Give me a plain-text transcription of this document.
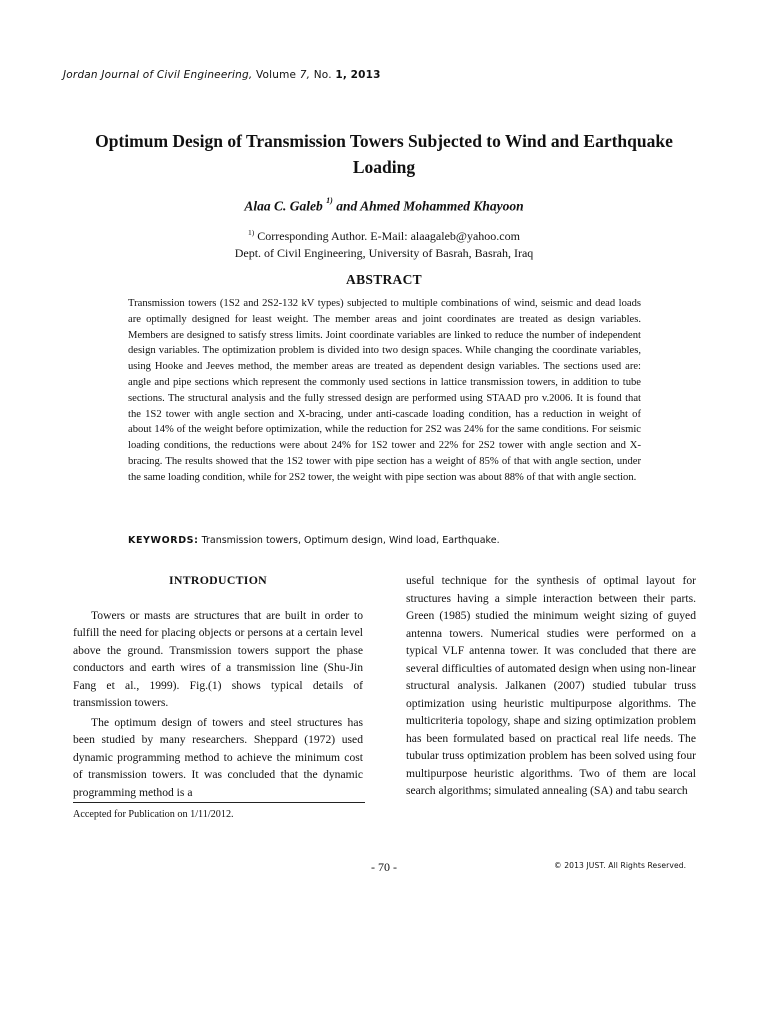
Jordan Journal of Civil Engineering, Volume 7, No. 1, 2013
Optimum Design of Transmission Towers Subjected to Wind and Earthquake Loading
Alaa C. Galeb $^{1)}$ and Ahmed Mohammed Khayoon
$^{1)}$ Corresponding Author. E-Mail: alaagaleb@yahoo.com
Dept. of Civil Engineering, University of Basrah, Basrah, Iraq
ABSTRACT
Transmission towers (1S2 and 2S2-132 kV types) subjected to multiple combinations of wind, seismic and dead loads are optimally designed for least weight. The member areas and joint coordinates are treated as design variables. Members are designed to satisfy stress limits. Joint coordinate variables are linked to reduce the number of independent design variables. The optimization problem is divided into two design spaces. While changing the coordinate variables, using Hooke and Jeeves method, the member areas are treated as dependent design variables. The sections used are: angle and pipe sections which represent the commonly used sections in lattice transmission towers, in addition to tube sections. The structural analysis and the fully stressed design are performed using STAAD pro v.2006. It is found that the 1S2 tower with angle section and X-bracing, under anti-cascade loading condition, has a reduction in weight of about 14% of the weight before optimization, while the reduction for 2S2 was 24% for the same conditions. For seismic loading conditions, the reductions were about 24% for 1S2 tower and 22% for 2S2 tower with angle section and X-bracing. The results showed that the 1S2 tower with pipe section has a weight of 85% of that with angle section, under the same loading condition, while for 2S2 tower, the weight with pipe section was about 88% of that with angle section.
KEYWORDS: Transmission towers, Optimum design, Wind load, Earthquake.
INTRODUCTION

Towers or masts are structures that are built in order to fulfill the need for placing objects or persons at a certain level above the ground. Transmission towers support the phase conductors and earth wires of a transmission line (Shu-Jin Fang et al., 1999). Fig.(1) shows typical details of transmission towers.

The optimum design of towers and steel structures has been studied by many researchers. Sheppard (1972) used dynamic programming method to achieve the minimum cost of transmission towers. It was concluded that the dynamic programming method is a

useful technique for the synthesis of optimal layout for structures having a simple interaction between their parts. Green (1985) studied the minimum weight sizing of guyed antenna towers. Numerical studies were performed on a typical VLF antenna tower. It was concluded that there are several difficulties of automated design when using non-linear structural analysis. Jalkanen (2007) studied tubular truss optimization using heuristic multipurpose algorithms. The multicriteria topology, shape and sizing optimization problem has been formulated based on practical real life needs. The tubular truss optimization problem has been solved using four multipurpose heuristic algorithms. Two of them are local search algorithms; simulated annealing (SA) and tabu search

Accepted for Publication on 1/11/2012.
- 70 -	© 2013 JUST. All Rights Reserved.
